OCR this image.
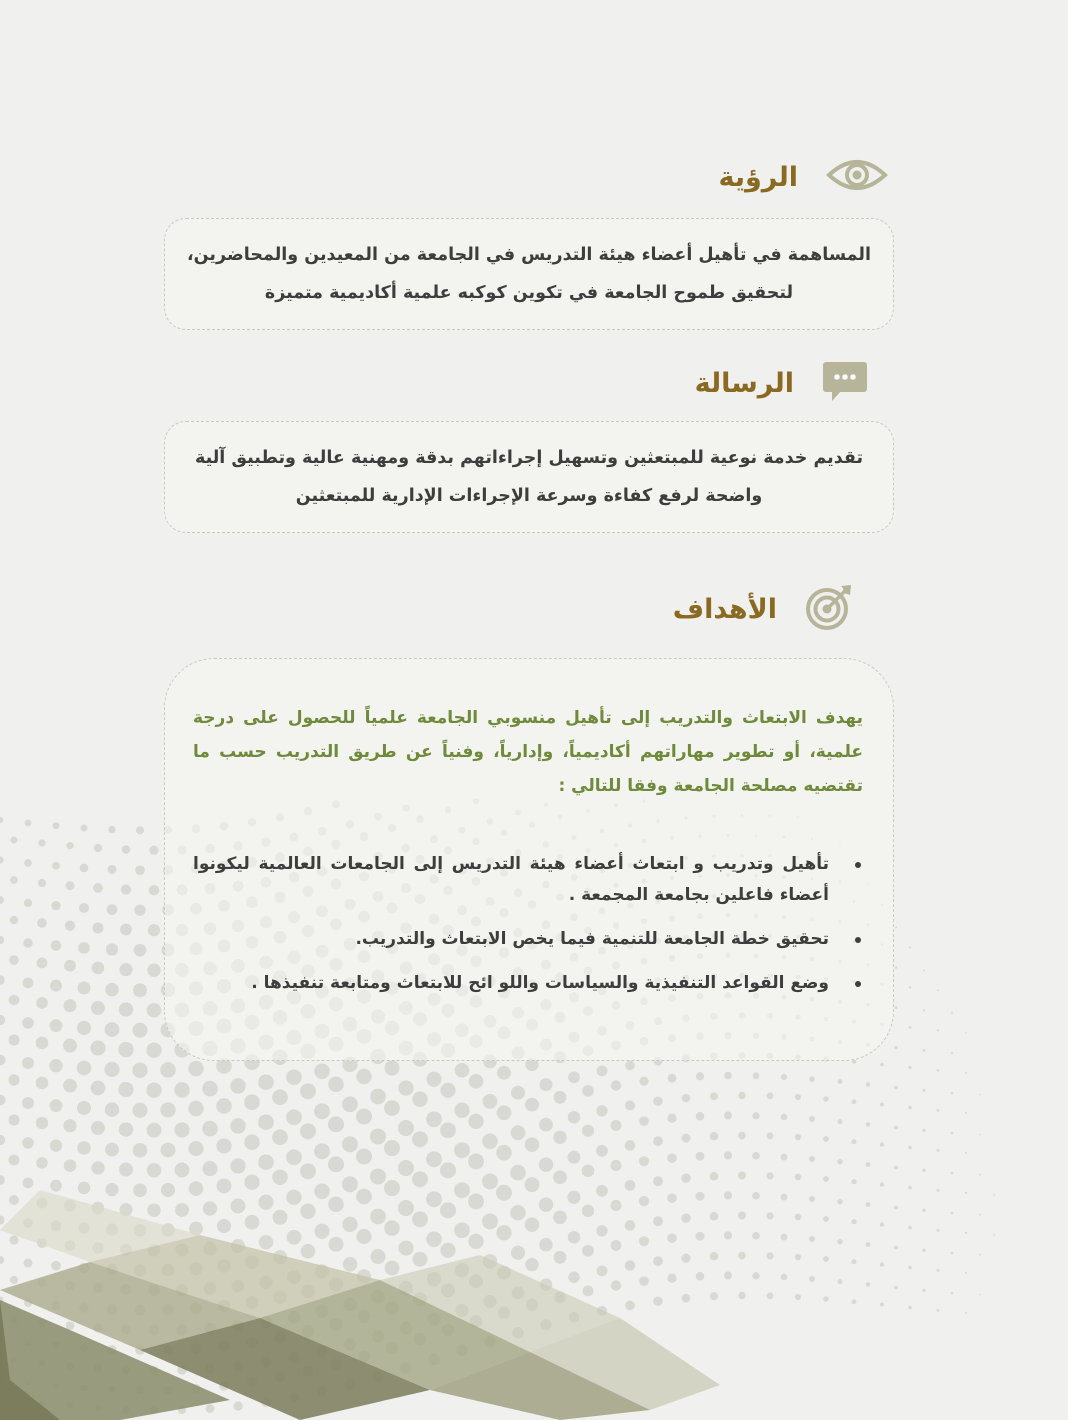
الرؤية
المساهمة في تأهيل أعضاء هيئة التدريس في الجامعة من المعيدين والمحاضرين،
لتحقيق طموح الجامعة في تكوين كوكبه علمية أكاديمية متميزة
الرسالة
تقديم خدمة نوعية للمبتعثين وتسهيل إجراءاتهم بدقة ومهنية عالية وتطبيق آلية
واضحة لرفع كفاءة وسرعة الإجراءات الإدارية للمبتعثين
الأهداف
يهدف الابتعاث والتدريب إلى تأهيل منسوبي الجامعة علمياً للحصول على درجة علمية، أو تطوير مهاراتهم أكاديمياً، وإدارياً، وفنياً عن طريق التدريب حسب ما تقتضيه مصلحة الجامعة وفقا للتالي :
تأهيل وتدريب و ابتعاث أعضاء هيئة التدريس إلى الجامعات العالمية ليكونوا أعضاء فاعلين بجامعة المجمعة .
تحقيق خطة الجامعة للتنمية فيما يخص الابتعاث والتدريب.
وضع القواعد التنفيذية والسياسات واللو ائح للابتعاث ومتابعة تنفيذها .
